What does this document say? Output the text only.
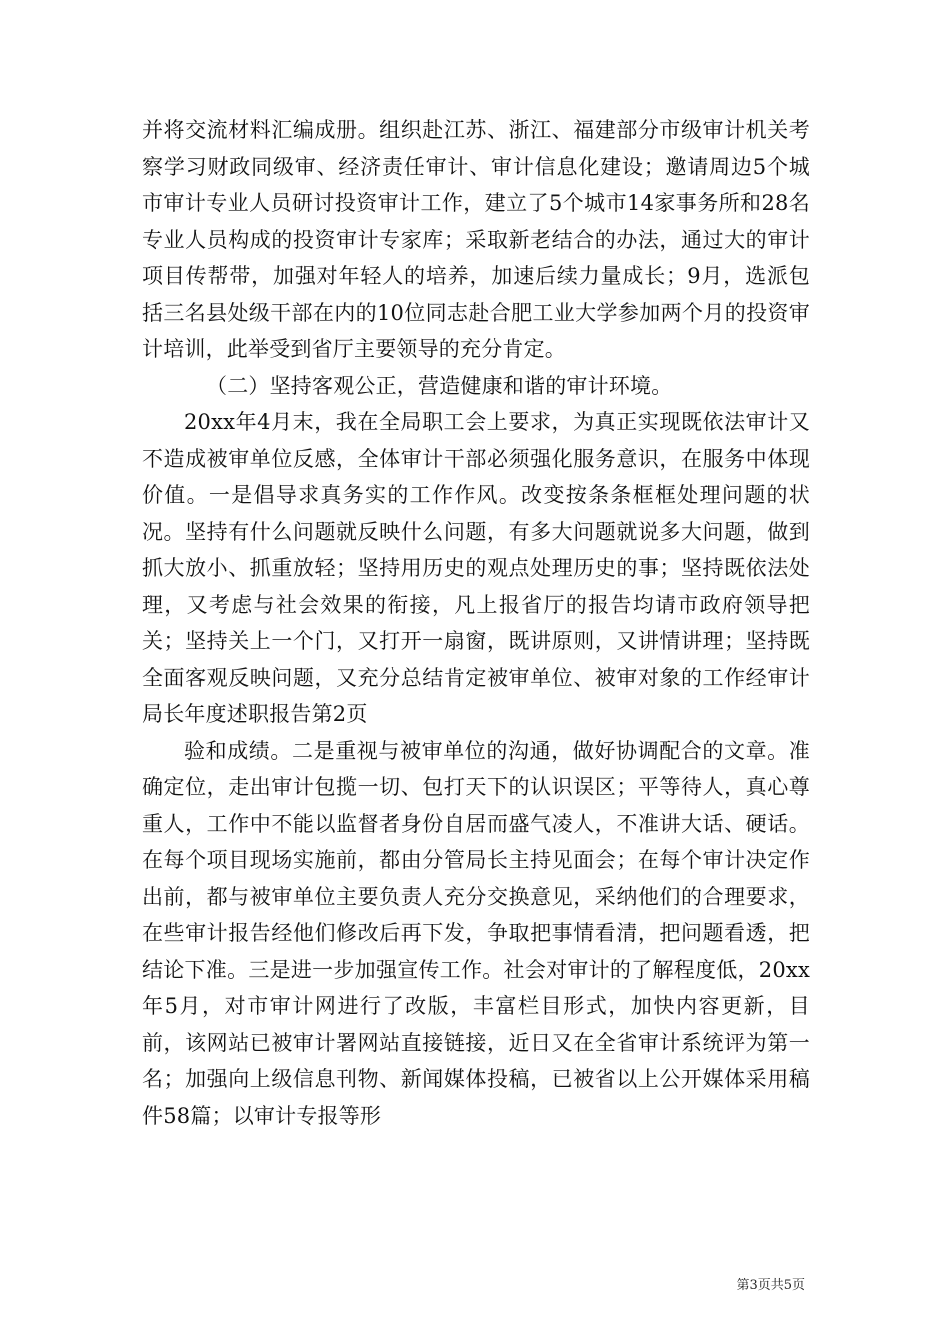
并将交流材料汇编成册。组织赴江苏、浙江、福建部分市级审计机关考察学习财政同级审、经济责任审计、审计信息化建设；邀请周边5个城市审计专业人员研讨投资审计工作，建立了5个城市14家事务所和28名专业人员构成的投资审计专家库；采取新老结合的办法，通过大的审计项目传帮带，加强对年轻人的培养，加速后续力量成长；9月，选派包括三名县处级干部在内的10位同志赴合肥工业大学参加两个月的投资审计培训，此举受到省厅主要领导的充分肯定。

（二）坚持客观公正，营造健康和谐的审计环境。

20xx年4月末，我在全局职工会上要求，为真正实现既依法审计又不造成被审单位反感，全体审计干部必须强化服务意识，在服务中体现价值。一是倡导求真务实的工作作风。改变按条条框框处理问题的状况。坚持有什么问题就反映什么问题，有多大问题就说多大问题，做到抓大放小、抓重放轻；坚持用历史的观点处理历史的事；坚持既依法处理，又考虑与社会效果的衔接，凡上报省厅的报告均请市政府领导把关；坚持关上一个门，又打开一扇窗，既讲原则，又讲情讲理；坚持既全面客观反映问题，又充分总结肯定被审单位、被审对象的工作经审计局长年度述职报告第2页

验和成绩。二是重视与被审单位的沟通，做好协调配合的文章。准确定位，走出审计包揽一切、包打天下的认识误区；平等待人，真心尊重人，工作中不能以监督者身份自居而盛气凌人，不准讲大话、硬话。在每个项目现场实施前，都由分管局长主持见面会；在每个审计决定作出前，都与被审单位主要负责人充分交换意见，采纳他们的合理要求，在些审计报告经他们修改后再下发，争取把事情看清，把问题看透，把结论下准。三是进一步加强宣传工作。社会对审计的了解程度低，20xx年5月，对市审计网进行了改版，丰富栏目形式，加快内容更新，目前，该网站已被审计署网站直接链接，近日又在全省审计系统评为第一名；加强向上级信息刊物、新闻媒体投稿，已被省以上公开媒体采用稿件58篇；以审计专报等形

第3页共5页
